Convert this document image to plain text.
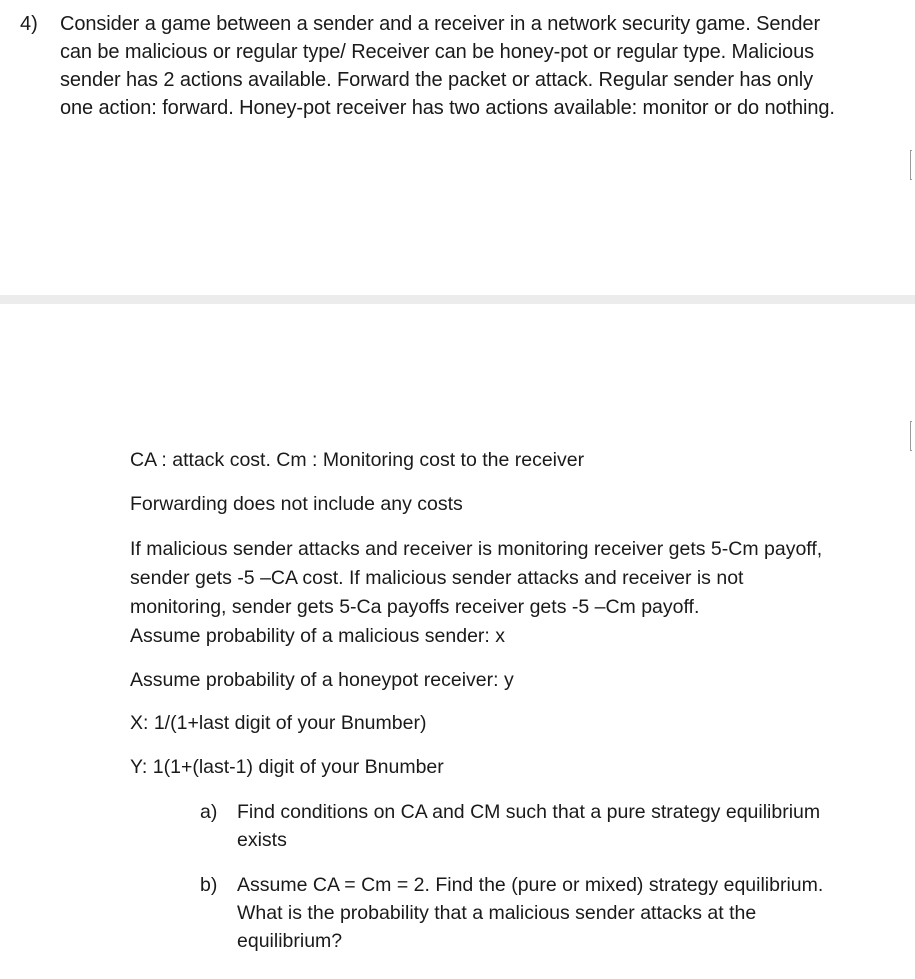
4) Consider a game between a sender and a receiver in a network security game. Sender
can be malicious or regular type/ Receiver can be honey-pot or regular type. Malicious
sender has 2 actions available. Forward the packet or attack. Regular sender has only
one action: forward. Honey-pot receiver has two actions available: monitor or do nothing.
CA : attack cost. Cm : Monitoring cost to the receiver
Forwarding does not include any costs
If malicious sender attacks and receiver is monitoring receiver gets 5-Cm payoff,
sender gets -5 –CA cost. If malicious sender attacks and receiver is not
monitoring, sender gets 5-Ca payoffs receiver gets -5 –Cm payoff.
Assume probability of a malicious sender: x
Assume probability of a honeypot receiver: y
X: 1/(1+last digit of your Bnumber)
Y: 1(1+(last-1) digit of your Bnumber
a) Find conditions on CA and CM such that a pure strategy equilibrium
exists
b) Assume CA = Cm = 2. Find the (pure or mixed) strategy equilibrium.
What is the probability that a malicious sender attacks at the
equilibrium?
